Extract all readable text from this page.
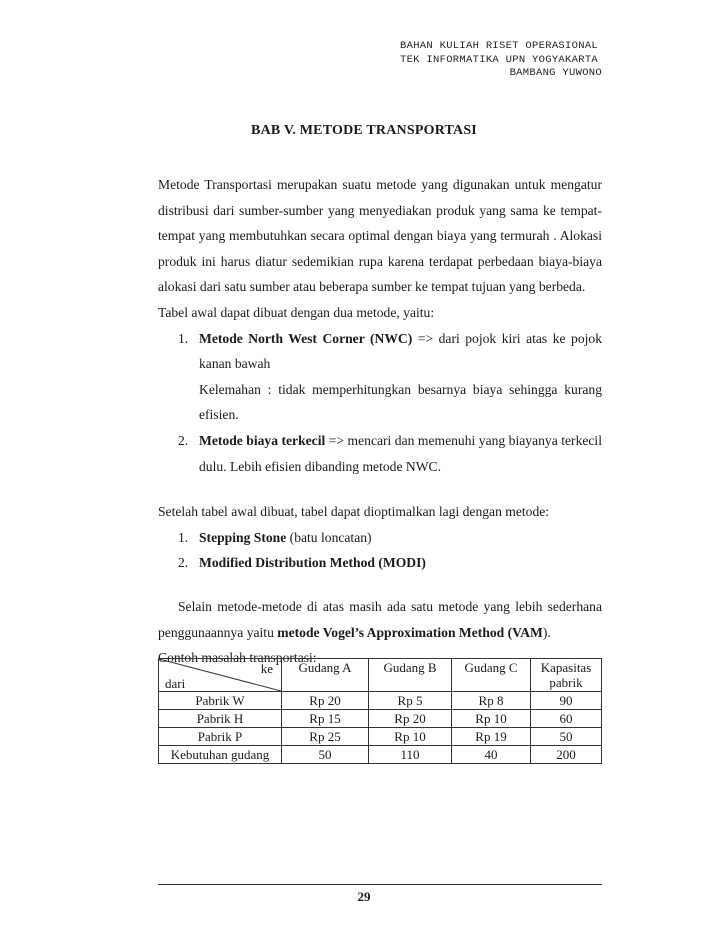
BAHAN KULIAH RISET OPERASIONAL
TEK INFORMATIKA UPN YOGYAKARTA
BAMBANG YUWONO
BAB V. METODE TRANSPORTASI

Metode Transportasi merupakan suatu metode yang digunakan untuk mengatur distribusi dari sumber-sumber yang menyediakan produk yang sama ke tempat-tempat yang membutuhkan secara optimal dengan biaya yang termurah . Alokasi produk ini harus diatur sedemikian rupa karena terdapat perbedaan biaya-biaya alokasi dari satu sumber atau beberapa sumber ke tempat tujuan yang berbeda.

Tabel awal dapat dibuat dengan dua metode, yaitu:

1. Metode North West Corner (NWC) => dari pojok kiri atas ke pojok kanan bawah
Kelemahan : tidak memperhitungkan besarnya biaya sehingga kurang efisien.
2. Metode biaya terkecil => mencari dan memenuhi yang biayanya terkecil dulu. Lebih efisien dibanding metode NWC.

Setelah tabel awal dibuat, tabel dapat dioptimalkan lagi dengan metode:

1. Stepping Stone (batu loncatan)
2. Modified Distribution Method (MODI)

Selain metode-metode di atas masih ada satu metode yang lebih sederhana penggunaannya yaitu metode Vogel’s Approximation Method (VAM).

Contoh masalah transportasi:

ke
dari	Gudang A	Gudang B	Gudang C	Kapasitas pabrik
Pabrik W	Rp 20	Rp 5	Rp 8	90
Pabrik H	Rp 15	Rp 20	Rp 10	60
Pabrik P	Rp 25	Rp 10	Rp 19	50
Kebutuhan gudang	50	110	40	200
29
